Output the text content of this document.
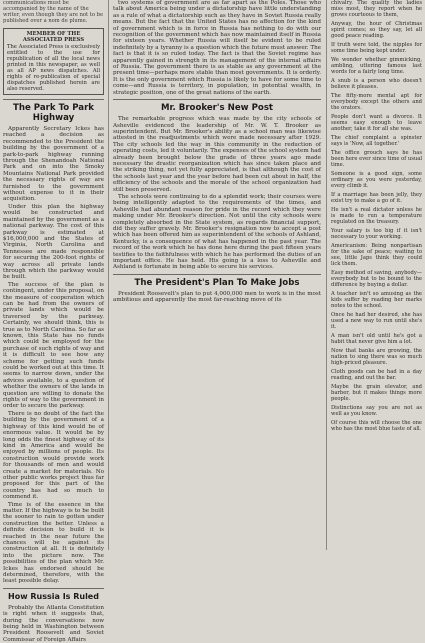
communications must be accompanied by the name of the writer, even though they are not to be published over a nom de plume.
MEMBER OF THE ASSOCIATED PRESS
The Associated Press is exclusively entitled to the use for republication of all the local news printed in this newspaper, as well as all AP news dispatches. All rights of re-publication of special dispatches published herein are also reserved.
The Park To Park Highway

Apparently Secretary Ickes has reached a decision as recommended to the President the building by the government of a park-to-park highway running through the Shenandoah National Park and on into the Smoky Mountains National Park provided the necessary rights of way are furnished to the government without expense to it in their acquisition.

Under this plan the highway would be constructed and maintained by the government as a national parkway. The cost of this parkway is estimated at $16,000,000 and the States of Virginia, North Carolina and Tennessee are made responsible for securing the 200-foot rights of way across all private lands through which the parkway would be built.

The success of the plan is contingent, under this proposal, on the measure of cooperation which can be had from the owners of private lands which would be traversed by the parkway. Certainly, we should think, this is true as to North Carolina. So far as known, this State has no funds which could be employed for the purchase of such rights of way and it is difficult to see how any scheme for getting such funds could be worked out at this time. It seems to narrow down, under the advices available, to a question of whether the owners of the lands in question are willing to donate the rights of way to the government in order to secure the parkway.

There is no doubt of the fact the building by the government of a highway of this kind would be of enormous value. It would be by long odds the finest highway of its kind in America and would be enjoyed by millions of people. Its construction would provide work for thousands of men and would create a market for materials. No other public works project thus far proposed for this part of the country has had so much to commend it.

Time is of the essence in the matter. If the highway is to be built the sooner to rain to gotten under construction the better. Unless a definite decision to build it is reached in the near future the chances will be against its construction at all. It is definitely into the picture now. The possibilities of the plan which Mr. Ickes has endorsed should be determined, therefore, with the least possible delay.

How Russia Is Ruled

Probably the Atlanta Constitution is right when it suggests that, during the conversations now being held in Washington between President Roosevelt and Soviet Commissar of Foreign Affairs

two systems of government are as far apart as the Poles. Those who talk about America being under a dictatorship have little understanding as a rule of what a dictatorship such as they have in Soviet Russia really means. But the fact that the United States has no affection for the kind of government which is in force in Russia has nothing to do with our recognition of the government which has now maintained itself in Russia for sixteen years. Whether Russia will itself be evident to be ruled indefinitely by a tyranny is a question which the future must answer. The fact is that it is so ruled today. The fact is that the Soviet regime has apparently gained in strength in its management of the internal affairs of Russia. The government there is as stable as any government at the present time—perhaps more stable than most governments. It is orderly. It is the only government which Russia is likely to have for some time to come—and Russia is territory, in population, in potential wealth, in strategic position, one of the great nations of the earth.

Mr. Brooker's New Post

The remarkable progress which was made by the city schools of Asheville evidenced the leadership of Mr. W. T. Brooker as superintendent. But Mr. Brooker's ability as a school man was likewise attested in the readjustments which were made necessary after 1929. The city schools led the way in this community in the reduction of operating costs, led it voluntarily. The expenses of the school system had already been brought below the grade of three years ago made necessary the drastic reorganization which has since taken place and the striking thing, not yet fully appreciated, is that although the cost of the schools last year and the year before had been cut about in half, the efficiency of the schools and the morale of the school organization had still been preserved.

The schools were continuing to do a splendid work; their courses were being intelligently adapted to the requirements of the times, and Asheville had abundant reason for pride in the record which they were making under Mr. Brooker's direction. Not until the city schools were completely absorbed in the State system, as regards financial support, did they suffer gravely. Mr. Brooker's resignation now to accept a post which has been offered him as superintendent of the schools of Ashland, Kentucky, is a consequence of what has happened in the past year. The record of the work which he has done here during the past fifteen years testifies to the faithfulness with which he has performed the duties of an important office. He has held. His going is a loss to Asheville and Ashland is fortunate in being able to secure his services.

The President's Plan To Make Jobs

President Roosevelt's plan to put 4,000,000 men to work is in the most ambitious and apparently the most far-reaching move of its

chivalry. The quality the ladies miss most, they report when he grows courteous to them,

Anyway, the hour of Christmas spirit comes; so they say, let all good peace reading.

If truth were told, the nipples for some time being kept under.

We wonder whether gimmicking, ambling, uttering famous last words for a fairly long time.

A snub is a person who doesn't believe it pleases.

The fifty-more mental apt for everybody except the others and the orators.

People don't want a divorce. It seems easy enough to leave another, take it for all she was.

The chief complaint a spinster says is 'Now, all together.'

The office grouch says he has been here ever since time of usual time.

Someone is a good sign, some ordinary as you were yesterday, every climb it.

If a marriage has been jelly, they exist try to make a go of it.

He isn't a real dictator unless he is made to run a temperature regulated on the treasury.

Your salary is too big if it isn't necessary to your working.

Americanism: Being nonpartisan for the sake of peace; waiting to see, little Japs think they could lick them.

Easy method of saving, anybody—everybody but to be bound to the difference by buying a dollar.

A teacher isn't so amusing as the kids suffer by reading her marks notes to the school.

Once he had her desired, she has used a new way to run until she's it.

A man isn't old until he's got a habit that never give him a lot.

Now that banks are growing, the nation to sing there was so much high-priced pleasure.

Cloth goods can be had in a day reading, and out the bar.

Maybe the grain elevator, and barber, but it makes things more people.

Distinctions say you are not as well as you know.

Of course this will choose the one who has the most blue taste of all.
